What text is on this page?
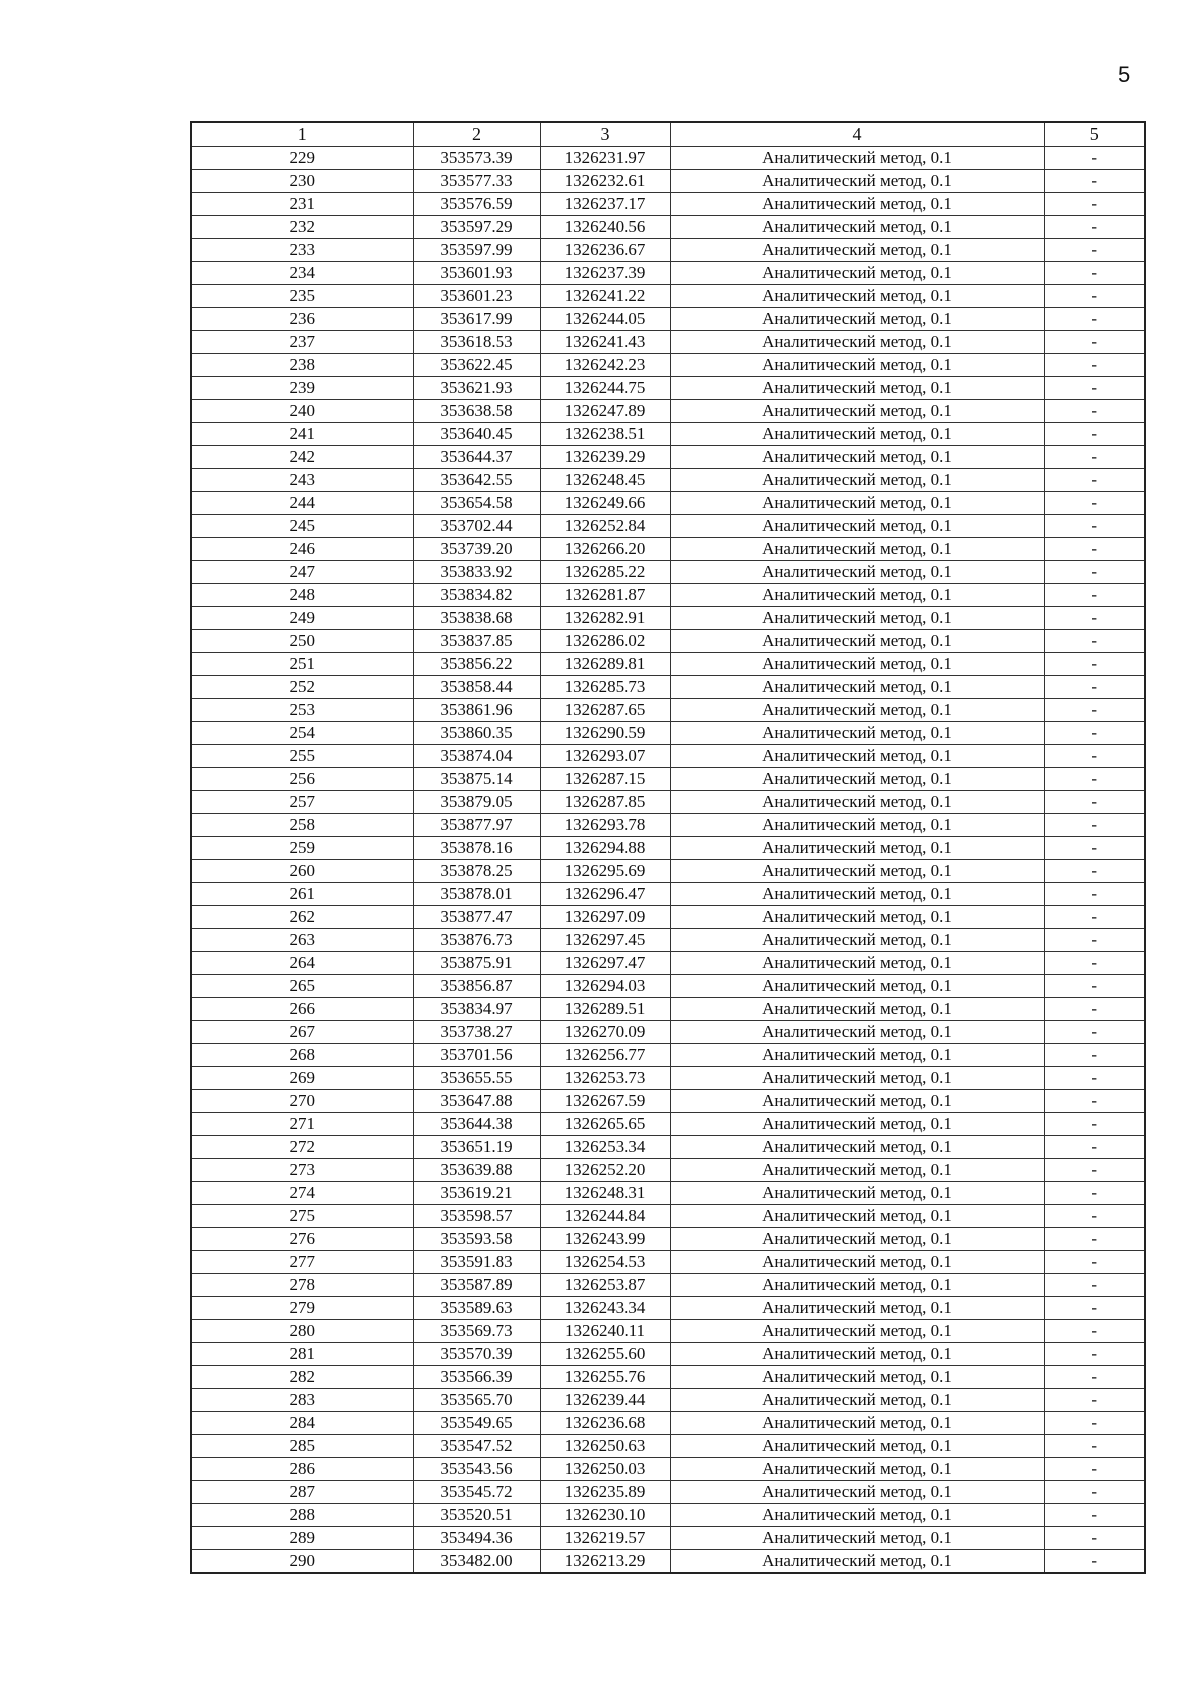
5
1	2	3	4	5
229	353573.39	1326231.97	Аналитический метод, 0.1	-
230	353577.33	1326232.61	Аналитический метод, 0.1	-
231	353576.59	1326237.17	Аналитический метод, 0.1	-
232	353597.29	1326240.56	Аналитический метод, 0.1	-
233	353597.99	1326236.67	Аналитический метод, 0.1	-
234	353601.93	1326237.39	Аналитический метод, 0.1	-
235	353601.23	1326241.22	Аналитический метод, 0.1	-
236	353617.99	1326244.05	Аналитический метод, 0.1	-
237	353618.53	1326241.43	Аналитический метод, 0.1	-
238	353622.45	1326242.23	Аналитический метод, 0.1	-
239	353621.93	1326244.75	Аналитический метод, 0.1	-
240	353638.58	1326247.89	Аналитический метод, 0.1	-
241	353640.45	1326238.51	Аналитический метод, 0.1	-
242	353644.37	1326239.29	Аналитический метод, 0.1	-
243	353642.55	1326248.45	Аналитический метод, 0.1	-
244	353654.58	1326249.66	Аналитический метод, 0.1	-
245	353702.44	1326252.84	Аналитический метод, 0.1	-
246	353739.20	1326266.20	Аналитический метод, 0.1	-
247	353833.92	1326285.22	Аналитический метод, 0.1	-
248	353834.82	1326281.87	Аналитический метод, 0.1	-
249	353838.68	1326282.91	Аналитический метод, 0.1	-
250	353837.85	1326286.02	Аналитический метод, 0.1	-
251	353856.22	1326289.81	Аналитический метод, 0.1	-
252	353858.44	1326285.73	Аналитический метод, 0.1	-
253	353861.96	1326287.65	Аналитический метод, 0.1	-
254	353860.35	1326290.59	Аналитический метод, 0.1	-
255	353874.04	1326293.07	Аналитический метод, 0.1	-
256	353875.14	1326287.15	Аналитический метод, 0.1	-
257	353879.05	1326287.85	Аналитический метод, 0.1	-
258	353877.97	1326293.78	Аналитический метод, 0.1	-
259	353878.16	1326294.88	Аналитический метод, 0.1	-
260	353878.25	1326295.69	Аналитический метод, 0.1	-
261	353878.01	1326296.47	Аналитический метод, 0.1	-
262	353877.47	1326297.09	Аналитический метод, 0.1	-
263	353876.73	1326297.45	Аналитический метод, 0.1	-
264	353875.91	1326297.47	Аналитический метод, 0.1	-
265	353856.87	1326294.03	Аналитический метод, 0.1	-
266	353834.97	1326289.51	Аналитический метод, 0.1	-
267	353738.27	1326270.09	Аналитический метод, 0.1	-
268	353701.56	1326256.77	Аналитический метод, 0.1	-
269	353655.55	1326253.73	Аналитический метод, 0.1	-
270	353647.88	1326267.59	Аналитический метод, 0.1	-
271	353644.38	1326265.65	Аналитический метод, 0.1	-
272	353651.19	1326253.34	Аналитический метод, 0.1	-
273	353639.88	1326252.20	Аналитический метод, 0.1	-
274	353619.21	1326248.31	Аналитический метод, 0.1	-
275	353598.57	1326244.84	Аналитический метод, 0.1	-
276	353593.58	1326243.99	Аналитический метод, 0.1	-
277	353591.83	1326254.53	Аналитический метод, 0.1	-
278	353587.89	1326253.87	Аналитический метод, 0.1	-
279	353589.63	1326243.34	Аналитический метод, 0.1	-
280	353569.73	1326240.11	Аналитический метод, 0.1	-
281	353570.39	1326255.60	Аналитический метод, 0.1	-
282	353566.39	1326255.76	Аналитический метод, 0.1	-
283	353565.70	1326239.44	Аналитический метод, 0.1	-
284	353549.65	1326236.68	Аналитический метод, 0.1	-
285	353547.52	1326250.63	Аналитический метод, 0.1	-
286	353543.56	1326250.03	Аналитический метод, 0.1	-
287	353545.72	1326235.89	Аналитический метод, 0.1	-
288	353520.51	1326230.10	Аналитический метод, 0.1	-
289	353494.36	1326219.57	Аналитический метод, 0.1	-
290	353482.00	1326213.29	Аналитический метод, 0.1	-
